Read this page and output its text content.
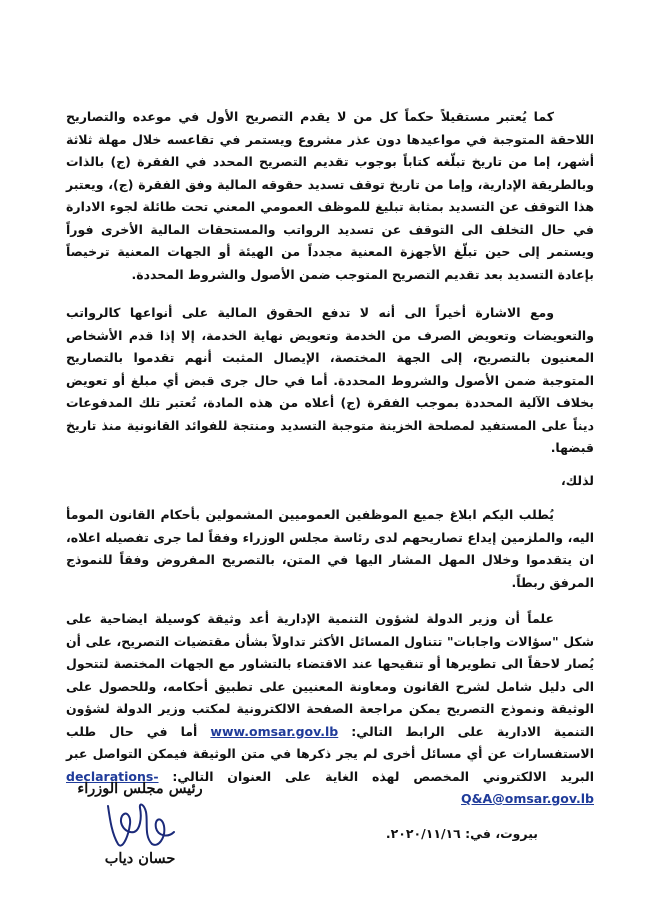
كما يُعتبر مستقيلاً حكماً كل من لا يقدم التصريح الأول في موعده والتصاريح اللاحقة المتوجبة في مواعيدها دون عذر مشروع ويستمر في تقاعسه خلال مهلة ثلاثة أشهر، إما من تاريخ تبلّغه كتاباً بوجوب تقديم التصريح المحدد في الفقرة (ج) بالذات وبالطريقة الإدارية، وإما من تاريخ توقف تسديد حقوقه المالية وفق الفقرة (ج)، ويعتبر هذا التوقف عن التسديد بمثابة تبليغ للموظف العمومي المعني تحت طائلة لجوء الادارة في حال التخلف الى التوقف عن تسديد الرواتب والمستحقات المالية الأخرى فوراً ويستمر إلى حين تبلّغ الأجهزة المعنية مجدداً من الهيئة أو الجهات المعنية ترخيصاً بإعادة التسديد بعد تقديم التصريح المتوجب ضمن الأصول والشروط المحددة.

ومع الاشارة أخيراً الى أنه لا تدفع الحقوق المالية على أنواعها كالرواتب والتعويضات وتعويض الصرف من الخدمة وتعويض نهاية الخدمة، إلا إذا قدم الأشخاص المعنيون بالتصريح، إلى الجهة المختصة، الإيصال المثبت أنهم تقدموا بالتصاريح المتوجبة ضمن الأصول والشروط المحددة. أما في حال جرى قبض أي مبلغ أو تعويض بخلاف الآلية المحددة بموجب الفقرة (ج) أعلاه من هذه المادة، تُعتبر تلك المدفوعات ديناً على المستفيد لمصلحة الخزينة متوجبة التسديد ومنتجة للفوائد القانونية منذ تاريخ قبضها.

لذلك،

يُطلب اليكم ابلاغ جميع الموظفين العموميين المشمولين بأحكام القانون المومأ اليه، والملزمين إيداع تصاريحهم لدى رئاسة مجلس الوزراء وفقاً لما جرى تفصيله اعلاه، ان يتقدموا وخلال المهل المشار اليها في المتن، بالتصريح المفروض وفقاً للنموذج المرفق ربطاً.

علماً أن وزير الدولة لشؤون التنمية الإدارية أعد وثيقة كوسيلة ايضاحية على شكل "سؤالات واجابات" تتناول المسائل الأكثر تداولاً بشأن مقتضيات التصريح، على أن يُصار لاحقاً الى تطويرها أو تنقيحها عند الاقتضاء بالتشاور مع الجهات المختصة لتتحول الى دليل شامل لشرح القانون ومعاونة المعنيين على تطبيق أحكامه، وللحصول على الوثيقة ونموذج التصريح يمكن مراجعة الصفحة الالكترونية لمكتب وزير الدولة لشؤون التنمية الادارية على الرابط التالي: www.omsar.gov.lb أما في حال طلب الاستفسارات عن أي مسائل أخرى لم يجر ذكرها في متن الوثيقة فيمكن التواصل عبر البريد الالكتروني المخصص لهذه الغاية على العنوان التالي: declarations-Q&A@omsar.gov.lb

بيروت، في: ٢٠٢٠/١١/١٦.
رئيس مجلس الوزراء
حسان دياب
